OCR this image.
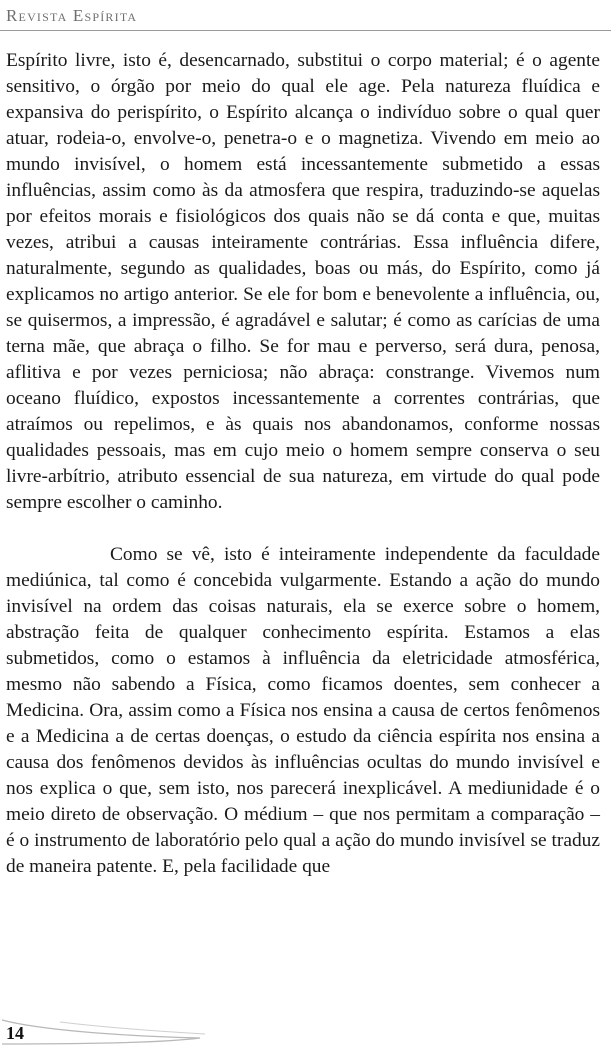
Revista Espírita

Espírito livre, isto é, desencarnado, substitui o corpo material; é o agente sensitivo, o órgão por meio do qual ele age. Pela natureza fluídica e expansiva do perispírito, o Espírito alcança o indivíduo sobre o qual quer atuar, rodeia-o, envolve-o, penetra-o e o magnetiza. Vivendo em meio ao mundo invisível, o homem está incessantemente submetido a essas influências, assim como às da atmosfera que respira, traduzindo-se aquelas por efeitos morais e fisiológicos dos quais não se dá conta e que, muitas vezes, atribui a causas inteiramente contrárias. Essa influência difere, naturalmente, segundo as qualidades, boas ou más, do Espírito, como já explicamos no artigo anterior. Se ele for bom e benevolente a influência, ou, se quisermos, a impressão, é agradável e salutar; é como as carícias de uma terna mãe, que abraça o filho. Se for mau e perverso, será dura, penosa, aflitiva e por vezes perniciosa; não abraça: constrange. Vivemos num oceano fluídico, expostos incessantemente a correntes contrárias, que atraímos ou repelimos, e às quais nos abandonamos, conforme nossas qualidades pessoais, mas em cujo meio o homem sempre conserva o seu livre-arbítrio, atributo essencial de sua natureza, em virtude do qual pode sempre escolher o caminho.

Como se vê, isto é inteiramente independente da faculdade mediúnica, tal como é concebida vulgarmente. Estando a ação do mundo invisível na ordem das coisas naturais, ela se exerce sobre o homem, abstração feita de qualquer conhecimento espírita. Estamos a elas submetidos, como o estamos à influência da eletricidade atmosférica, mesmo não sabendo a Física, como ficamos doentes, sem conhecer a Medicina. Ora, assim como a Física nos ensina a causa de certos fenômenos e a Medicina a de certas doenças, o estudo da ciência espírita nos ensina a causa dos fenômenos devidos às influências ocultas do mundo invisível e nos explica o que, sem isto, nos parecerá inexplicável. A mediunidade é o meio direto de observação. O médium – que nos permitam a comparação – é o instrumento de laboratório pelo qual a ação do mundo invisível se traduz de maneira patente. E, pela facilidade que

14
